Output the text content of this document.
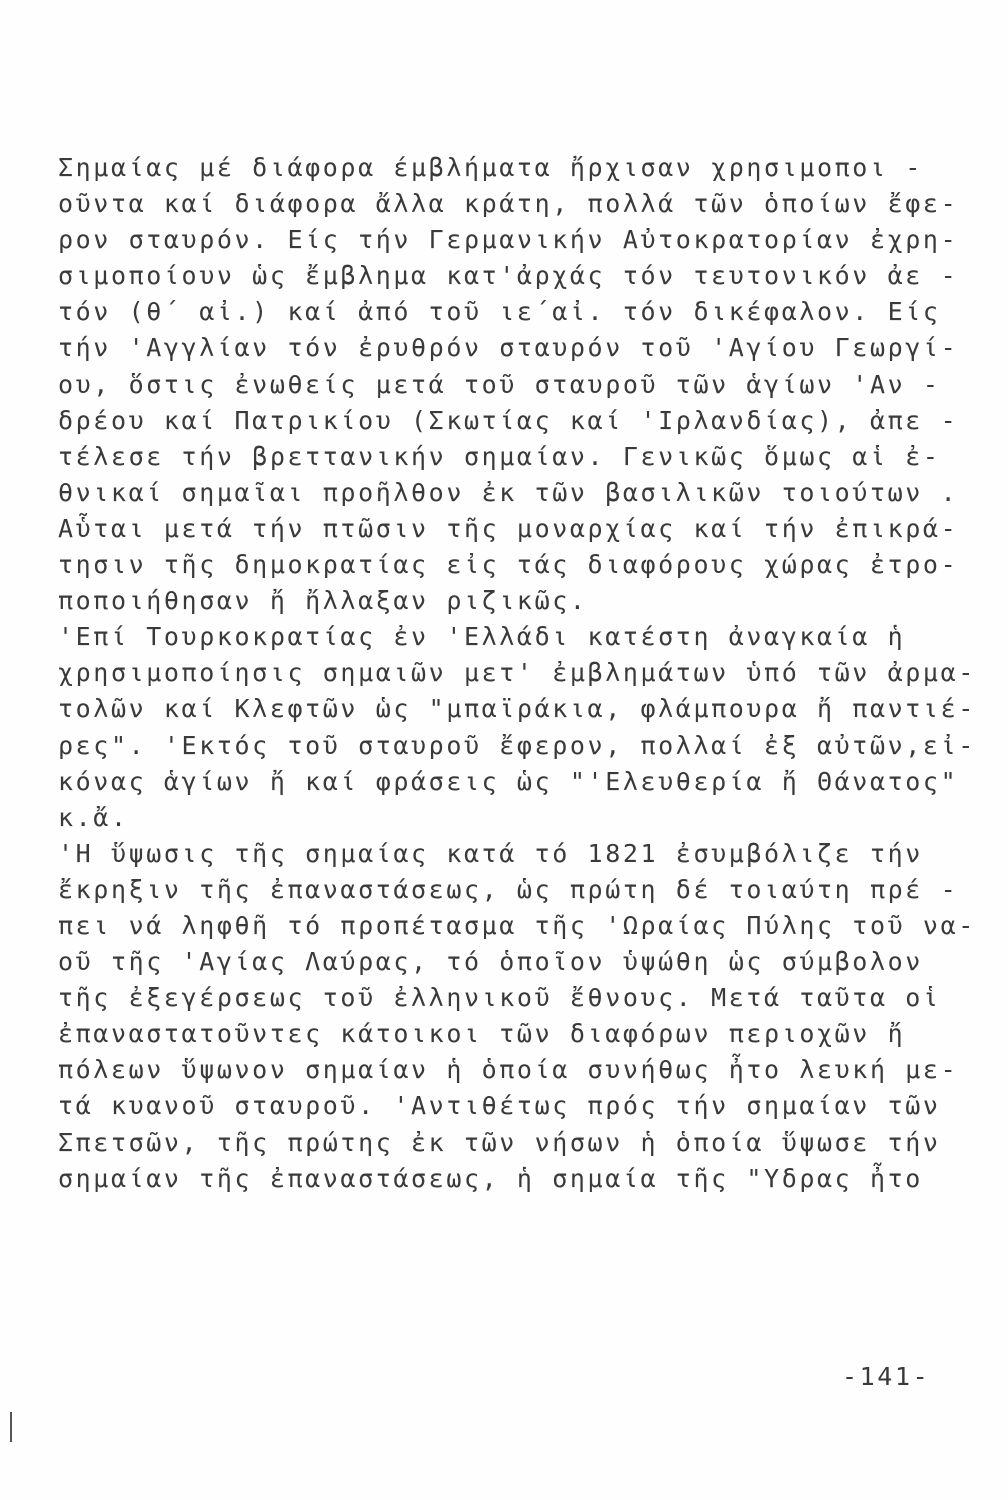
Σημαίας μέ διάφορα έμβλήματα ἤρχισαν χρησιμοποι -
οῦντα καί διάφορα ἄλλα κράτη, πολλά τῶν ὁποίων ἔφε-
ρον σταυρόν. Είς τήν Γερμανικήν Αὐτοκρατορίαν ἐχρη-
σιμοποίουν ὡς ἔμβλημα κατ'ἀρχάς τόν τευτονικόν ἀε -
τόν (θ΄ αἰ.) καί ἀπό τοῦ ιε΄αἰ. τόν δικέφαλον. Είς
τήν 'Αγγλίαν τόν ἐρυθρόν σταυρόν τοῦ 'Αγίου Γεωργί-
ου, ὅστις ἐνωθείς μετά τοῦ σταυροῦ τῶν ἁγίων 'Αν -
δρέου καί Πατρικίου (Σκωτίας καί 'Ιρλανδίας), ἀπε -
τέλεσε τήν βρεττανικήν σημαίαν. Γενικῶς ὅμως αἱ ἐ-
θνικαί σημαῖαι προῆλθον ἐκ τῶν βασιλικῶν τοιούτων .
Αὗται μετά τήν πτῶσιν τῆς μοναρχίας καί τήν ἐπικρά-
τησιν τῆς δημοκρατίας εἰς τάς διαφόρους χώρας ἐτρο-
ποποιήθησαν ἤ ἤλλαξαν ριζικῶς.
'Επί Τουρκοκρατίας ἐν 'Ελλάδι κατέστη ἀναγκαία ἡ
χρησιμοποίησις σημαιῶν μετ' ἐμβλημάτων ὑπό τῶν ἀρμα-
τολῶν καί Κλεφτῶν ὡς "μπαϊράκια, φλάμπουρα ἤ παντιέ-
ρες". 'Εκτός τοῦ σταυροῦ ἔφερον, πολλαί ἐξ αὐτῶν,εἰ-
κόνας ἁγίων ἤ καί φράσεις ὡς "'Ελευθερία ἤ Θάνατος"
κ.ἄ.
'Η ὕψωσις τῆς σημαίας κατά τό 1821 ἐσυμβόλιζε τήν
ἔκρηξιν τῆς ἐπαναστάσεως, ὡς πρώτη δέ τοιαύτη πρέ -
πει νά ληφθῆ τό προπέτασμα τῆς 'Ωραίας Πύλης τοῦ να-
οῦ τῆς 'Αγίας Λαύρας, τό ὁποῖον ὑψώθη ὡς σύμβολον
τῆς ἐξεγέρσεως τοῦ ἐλληνικοῦ ἔθνους. Μετά ταῦτα οἱ
ἐπαναστατοῦντες κάτοικοι τῶν διαφόρων περιοχῶν ἤ
πόλεων ὕψωνον σημαίαν ἡ ὁποία συνήθως ἦτο λευκή με-
τά κυανοῦ σταυροῦ. 'Αντιθέτως πρός τήν σημαίαν τῶν
Σπετσῶν, τῆς πρώτης ἐκ τῶν νήσων ἡ ὁποία ὕψωσε τήν
σημαίαν τῆς ἐπαναστάσεως, ἡ σημαία τῆς "Υδρας ἦτο
-141-
